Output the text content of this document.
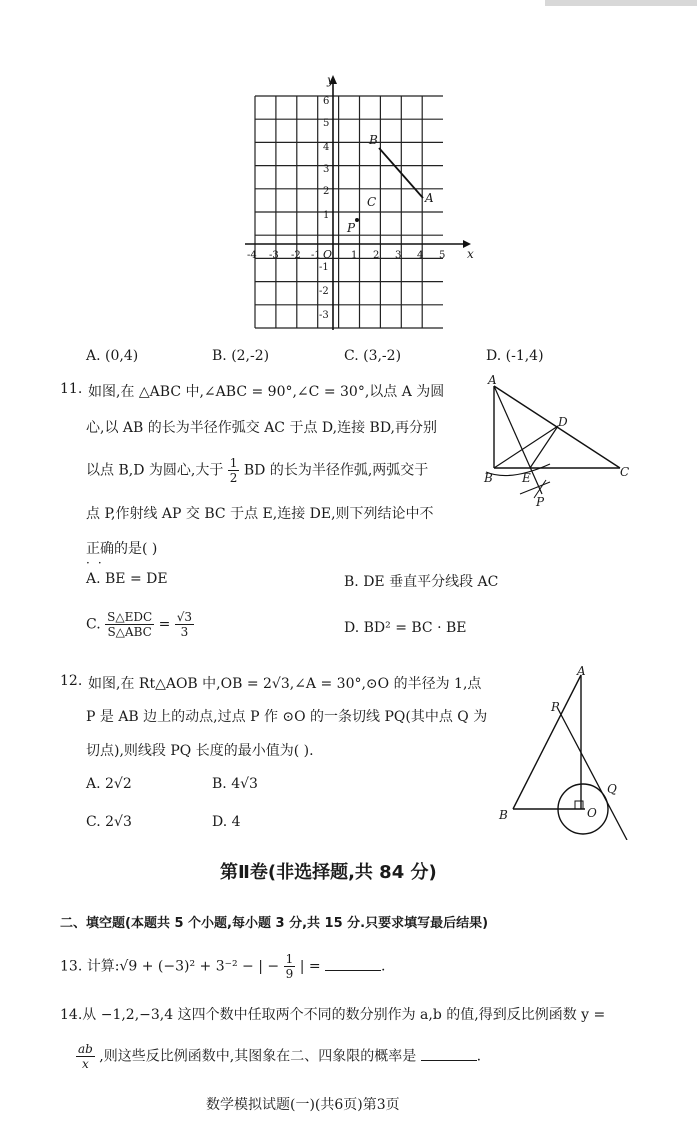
y
x
O
-4 -3 -2 -1	1 2 3 4 5
6
5
4
3
2
1
-1
-2
-3
B
A
C
P
A. (0,4)	B. (2,-2)	C. (3,-2)	D. (-1,4)
11. 如图,在 △ABC 中,∠ABC = 90°,∠C = 30°,以点 A 为圆
心,以 AB 的长为半径作弧交 AC 于点 D,连接 BD,再分别
以点 B,D 为圆心,大于 $\frac{1}{2}$ BD 的长为半径作弧,两弧交于
点 P,作射线 AP 交 BC 于点 E,连接 DE,则下列结论中不
正确的是( )
··
A. BE = DE	B. DE 垂直平分线段 AC
C. $\frac{\text{S△EDC}}{\text{S△ABC}} = \frac{√3}{3}$	D. BD² = BC · BE
A
B	C
D
E
P
12. 如图,在 Rt△AOB 中,OB = 2√3,∠A = 30°,⊙O 的半径为 1,点
P 是 AB 边上的动点,过点 P 作 ⊙O 的一条切线 PQ(其中点 Q 为
切点),则线段 PQ 长度的最小值为( ).
A. 2√2	B. 4√3
C. 2√3	D. 4
A
P
Q
O
B
第Ⅱ卷(非选择题,共 84 分)
二、填空题(本题共 5 个小题,每小题 3 分,共 15 分.只要求填写最后结果)
13. 计算:√9 + (−3)² + 3⁻² − | − $\frac{1}{9}$ | =	.
14.从 −1,2,−3,4 这四个数中任取两个不同的数分别作为 a,b 的值,得到反比例函数 y =
$\frac{ab}{x}$ ,则这些反比例函数中,其图象在二、四象限的概率是	.
数学模拟试题(一)(共6页)第3页
